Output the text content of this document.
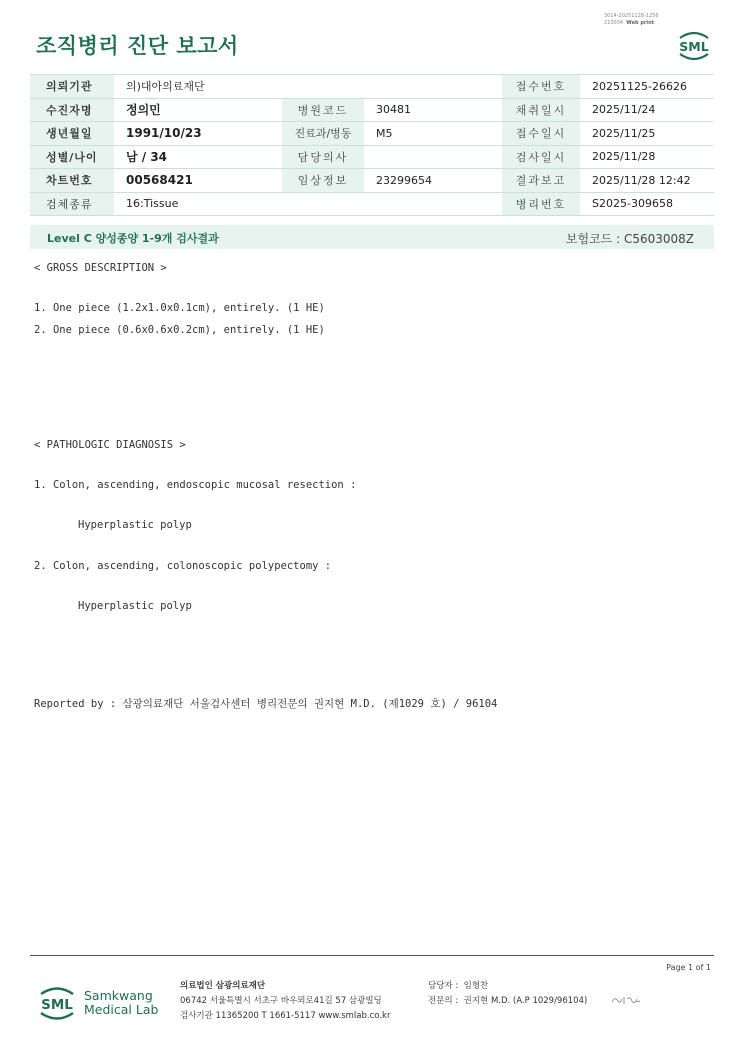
조직병리 진단 보고서
3014-20251128-1256
210034 Web print
SML
의뢰기관	의)대아의료재단			접수번호	20251125-26626
수진자명	정의민	병원코드	30481	채취일시	2025/11/24
생년월일	1991/10/23	진료과/병동	M5	접수일시	2025/11/25
성별/나이	남 / 34	담당의사		검사일시	2025/11/28
차트번호	00568421	임상정보	23299654	결과보고	2025/11/28 12:42
검체종류	16:Tissue			병리번호	S2025-309658
Level C 양성종양 1-9개 검사결과	보험코드 : C5603008Z
< GROSS DESCRIPTION >
1. One piece (1.2x1.0x0.1cm), entirely. (1 HE)
2. One piece (0.6x0.6x0.2cm), entirely. (1 HE)
< PATHOLOGIC DIAGNOSIS >
1. Colon, ascending, endoscopic mucosal resection :
Hyperplastic polyp
2. Colon, ascending, colonoscopic polypectomy :
Hyperplastic polyp
Reported by : 삼광의료재단 서울검사센터 병리전문의 권지현 M.D. (제1029 호) / 96104
Page 1 of 1
SML
Samkwang
Medical Lab
의료법인 삼광의료재단
06742 서울특별시 서초구 바우뫼로41길 57 삼광빌딩
검사기관 11365200 T 1661-5117 www.smlab.co.kr
담당자 : 임형찬
전문의 : 권지현 M.D. (A.P 1029/96104)
